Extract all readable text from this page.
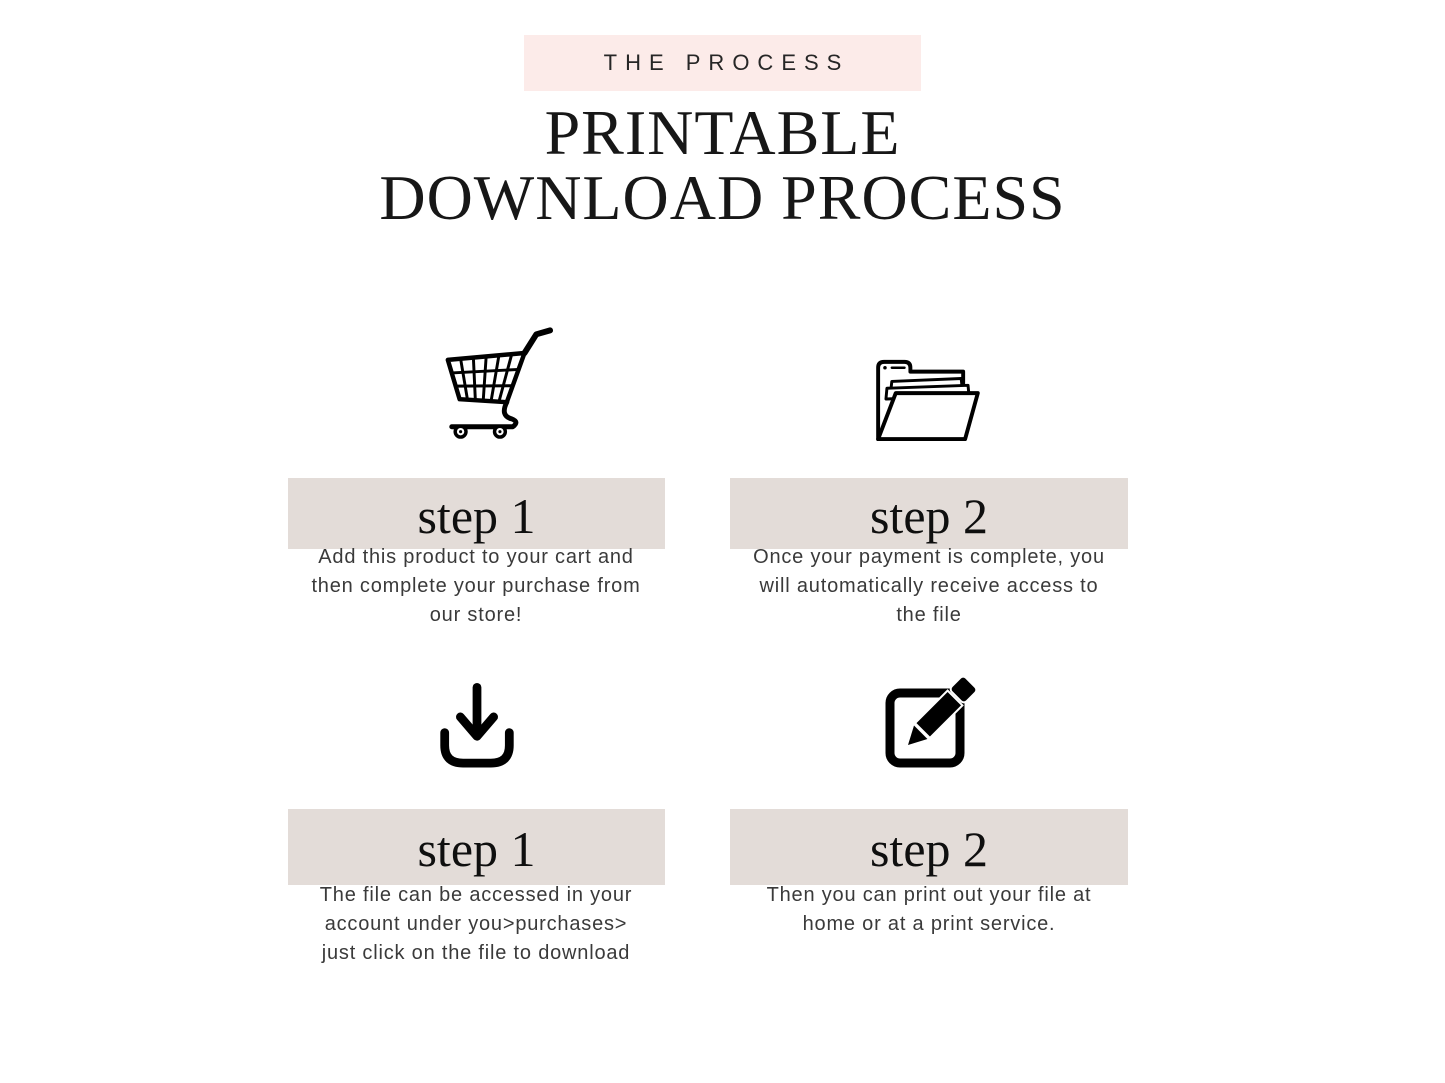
THE PROCESS
PRINTABLE
DOWNLOAD PROCESS
step 1	step 2
Add this product to your cart and
then complete your purchase from
our store!
Once your payment is complete, you
will automatically receive access to
the file
step 1	step 2
The file can be accessed in your
account under you>purchases>
just click on the file to download
Then you can print out your file at
home or at a print service.
